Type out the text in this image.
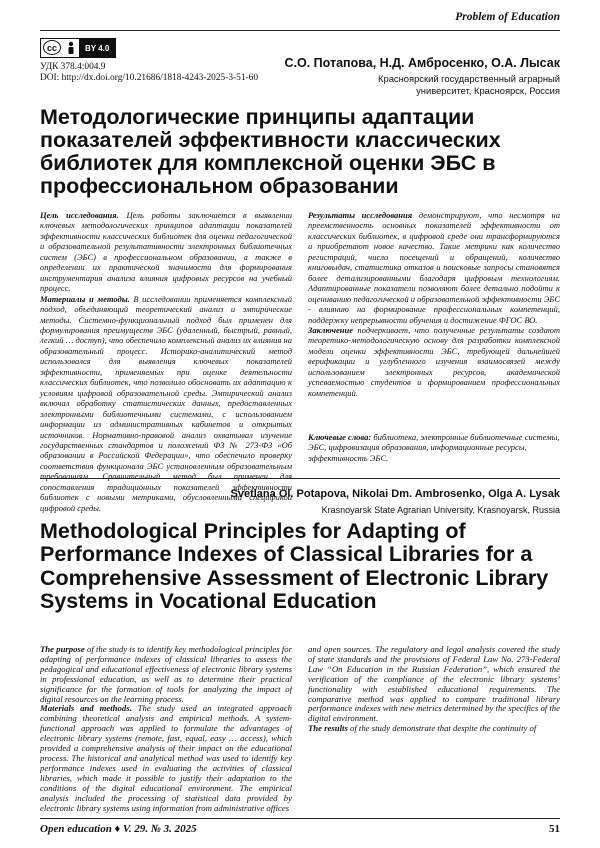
Problem of Education
cc	BY 4.0
УДК 378.4:004.9
DOI: http://dx.doi.org/10.21686/1818-4243-2025-3-51-60
С.О. Потапова, Н.Д. Амбросенко, О.А. Лысак
Красноярский государственный аграрный университет, Красноярск, Россия
Методологические принципы адаптации показателей эффективности классических библиотек для комплексной оценки ЭБС в профессиональном образовании
Цель исследования. Цель работы заключается в выявлении ключевых методологических принципов адаптации показателей эффективности классических библиотек для оценки педагогической и образовательной результативности электронных библиотечных систем (ЭБС) в профессиональном образовании, а также в определении их практической значимости для формирования инструментария анализа влияния цифровых ресурсов на учебный процесс.
Материалы и методы. В исследовании применяется комплексный подход, объединяющий теоретический анализ и эмпирические методы. Системно-функциональный подход был применен для формулирования преимуществ ЭБС (удаленный, быстрый, равный, легкий … доступ), что обеспечило комплексный анализ их влияния на образовательный процесс. Историко-аналитический метод использовался для выявления ключевых показателей эффективности, применяемых при оценке деятельности классических библиотек, что позволило обосновать их адаптацию к условиям цифровой образовательной среды. Эмпирический анализ включал обработку статистических данных, предоставленных электронными библиотечными системами, с использованием информации из административных кабинетов и открытых источников. Нормативно-правовой анализ охватывал изучение государственных стандартов и положений ФЗ № 273-ФЗ «Об образовании в Российской Федерации», что обеспечило проверку соответствия функционала ЭБС установленным образовательным требованиям. Сравнительный метод был применен для сопоставления традиционных показателей эффективности библиотек с новыми метриками, обусловленными спецификой цифровой среды.
Результаты исследования демонстрируют, что несмотря на преемственность основных показателей эффективности от классических библиотек, в цифровой среде они трансформируются и приобретают новое качество. Такие метрики как количество регистраций, число посещений и обращений, количество книговыдач, статистика отказов и поисковые запросы становятся более детализированными благодаря цифровым технологиям. Адаптированные показатели позволяют более детально подойти к оцениванию педагогической и образовательной эффективности ЭБС - влиянию на формирование профессиональных компетенций, поддержку непрерывности обучения и достижение ФГОС ВО.
Заключение подчеркивает, что полученные результаты создают теоретико-методологическую основу для разработки комплексной модели оценки эффективности ЭБС, требующей дальнейшей верификации и углубленного изучения взаимосвязей между использованием электронных ресурсов, академической успеваемостью студентов и формированием профессиональных компетенций.
Ключевые слова: библиотека, электронные библиотечные системы, ЭБС, цифровизация образования, информационные ресурсы, эффективность ЭБС.
Svetlana Ol. Potapova, Nikolai Dm. Ambrosenko, Olga A. Lysak
Krasnoyarsk State Agrarian University, Krasnoyarsk, Russia
Methodological Principles for Adapting of Performance Indexes of Classical Libraries for a Comprehensive Assessment of Electronic Library Systems in Vocational Education
The purpose of the study is to identify key methodological principles for adapting of performance indexes of classical libraries to assess the pedagogical and educational effectiveness of electronic library systems in professional education, as well as to determine their practical significance for the formation of tools for analyzing the impact of digital resources on the learning process.
Materials and methods. The study used an integrated approach combining theoretical analysis and empirical methods. A system-functional approach was applied to formulate the advantages of electronic library systems (remote, fast, equal, easy … access), which provided a comprehensive analysis of their impact on the educational process. The historical and analytical method was used to identify key performance indexes used in evaluating the activities of classical libraries, which made it possible to justify their adaptation to the conditions of the digital educational environment. The empirical analysis included the processing of statistical data provided by electronic library systems using information from administrative offices
and open sources. The regulatory and legal analysis covered the study of state standards and the provisions of Federal Law No. 273-Federal Law “On Education in the Russian Federation”, which ensured the verification of the compliance of the electronic library systems’ functionality with established educational requirements. The comparative method was applied to compare traditional library performance indexes with new metrics determined by the specifics of the digital environment.
The results of the study demonstrate that despite the continuity of
Open education ♦ V. 29. № 3. 2025	51
